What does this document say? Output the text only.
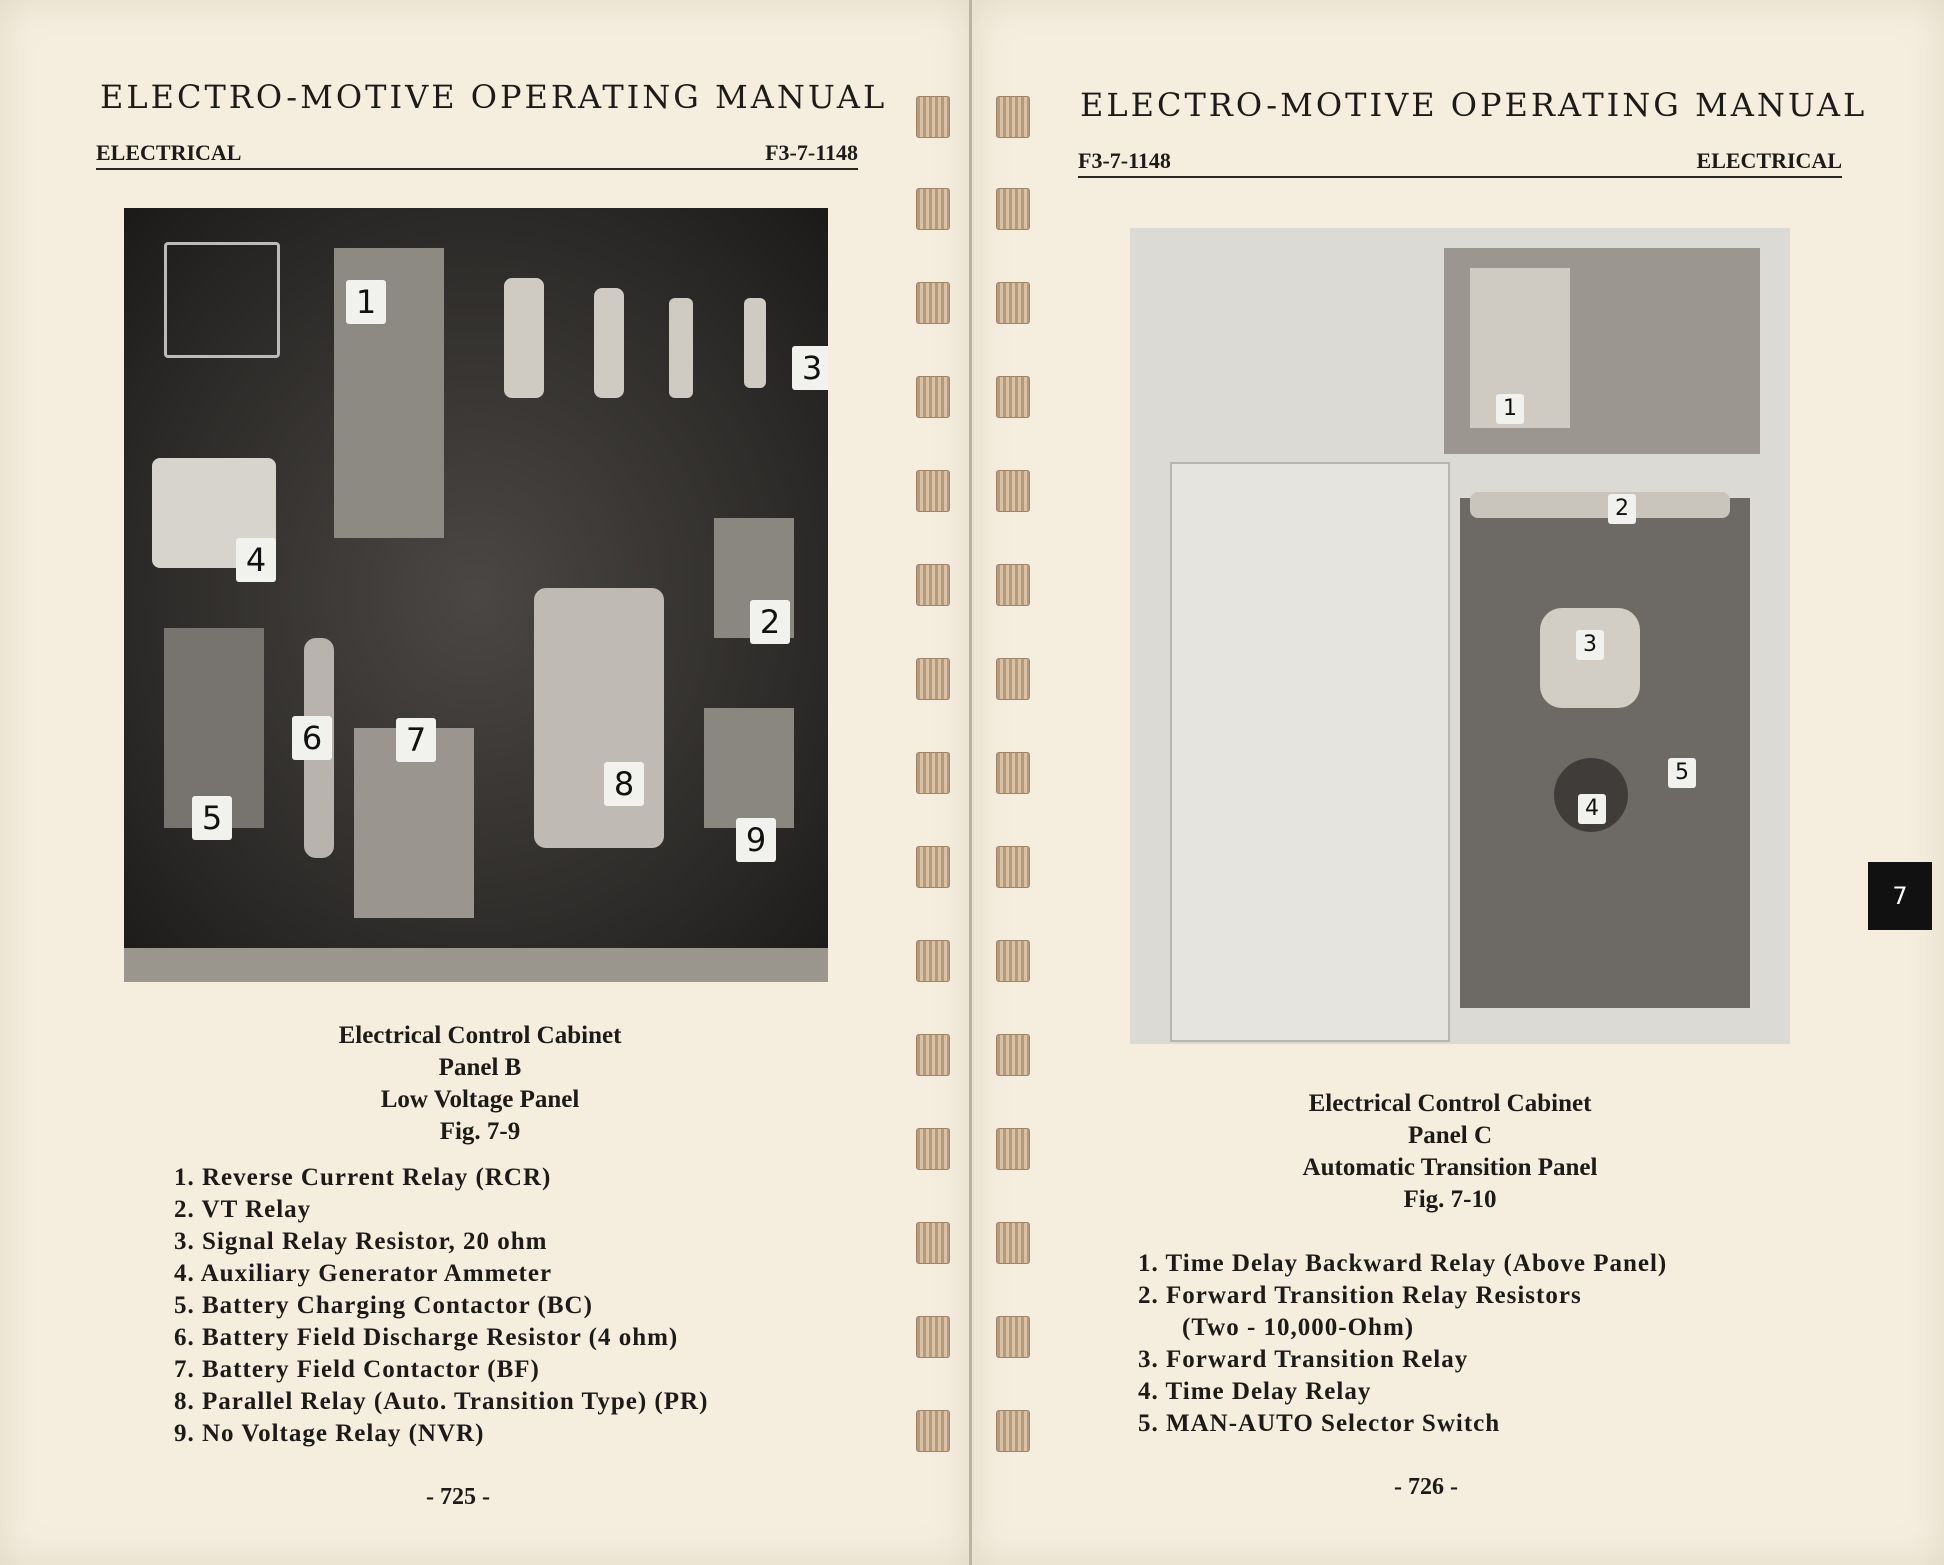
ELECTRO-MOTIVE OPERATING MANUAL
ELECTRICAL	F3-7-1148
1
2
3
4
5
6	7
8
9
Electrical Control Cabinet
Panel B
Low Voltage Panel
Fig. 7-9
1. Reverse Current Relay (RCR)
2. VT Relay
3. Signal Relay Resistor, 20 ohm
4. Auxiliary Generator Ammeter
5. Battery Charging Contactor (BC)
6. Battery Field Discharge Resistor (4 ohm)
7. Battery Field Contactor (BF)
8. Parallel Relay (Auto. Transition Type) (PR)
9. No Voltage Relay (NVR)
- 725 -
ELECTRO-MOTIVE OPERATING MANUAL
F3-7-1148	ELECTRICAL
1
2
3
4
5
Electrical Control Cabinet
Panel C
Automatic Transition Panel
Fig. 7-10
1. Time Delay Backward Relay (Above Panel)
2. Forward Transition Relay Resistors
(Two - 10,000-Ohm)
3. Forward Transition Relay
4. Time Delay Relay
5. MAN-AUTO Selector Switch
- 726 -
7
